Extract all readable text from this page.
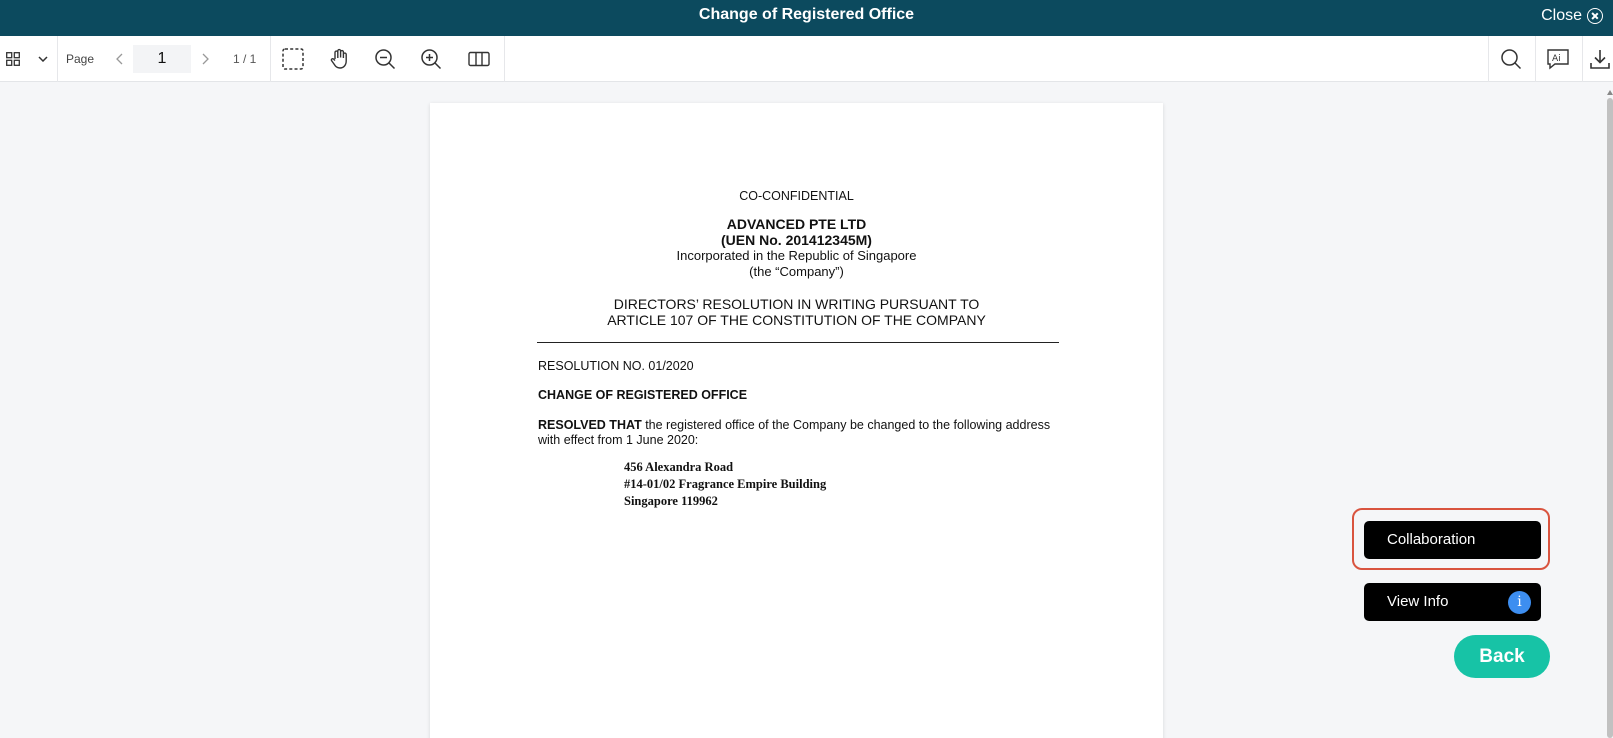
Change of Registered Office	Close
Page
1	1 / 1	Ai
CO-CONFIDENTIAL
ADVANCED PTE LTD
(UEN No. 201412345M)
Incorporated in the Republic of Singapore
(the “Company”)
DIRECTORS’ RESOLUTION IN WRITING PURSUANT TO
ARTICLE 107 OF THE CONSTITUTION OF THE COMPANY
RESOLUTION NO. 01/2020
CHANGE OF REGISTERED OFFICE
RESOLVED THAT the registered office of the Company be changed to the following address with effect from 1 June 2020:
456 Alexandra Road
#14-01/02 Fragrance Empire Building
Singapore 119962
Collaboration
View Info	i
Back
